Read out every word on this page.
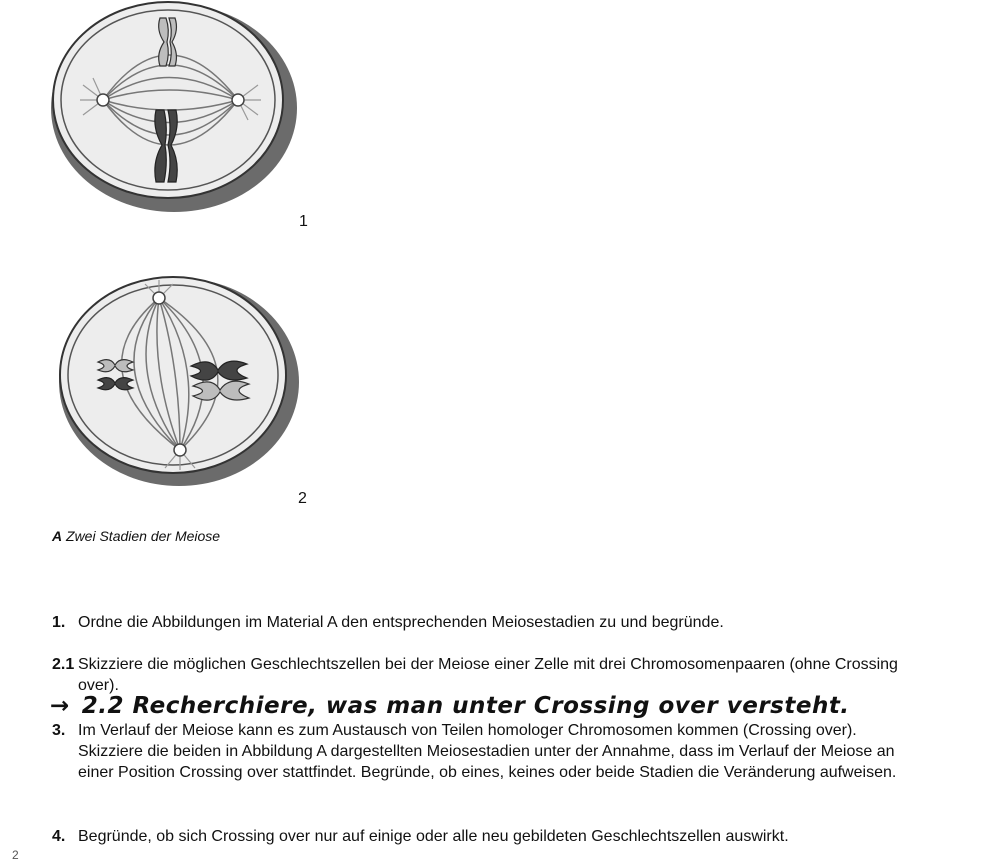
1
2
A Zwei Stadien der Meiose
1. Ordne die Abbildungen im Material A den entsprechenden Meiosestadien zu und begründe.
2.1 Skizziere die möglichen Geschlechtszellen bei der Meiose einer Zelle mit drei Chromosomenpaaren (ohne Crossing over).
→ 2.2 Recherchiere, was man unter Crossing over versteht.
3. Im Verlauf der Meiose kann es zum Austausch von Teilen homologer Chromosomen kommen (Crossing over). Skizziere die beiden in Abbildung A dargestellten Meiosestadien unter der Annahme, dass im Verlauf der Meiose an einer Position Crossing over stattfindet. Begründe, ob eines, keines oder beide Stadien die Veränderung aufweisen.
4. Begründe, ob sich Crossing over nur auf einige oder alle neu gebildeten Geschlechtszellen auswirkt.
2
